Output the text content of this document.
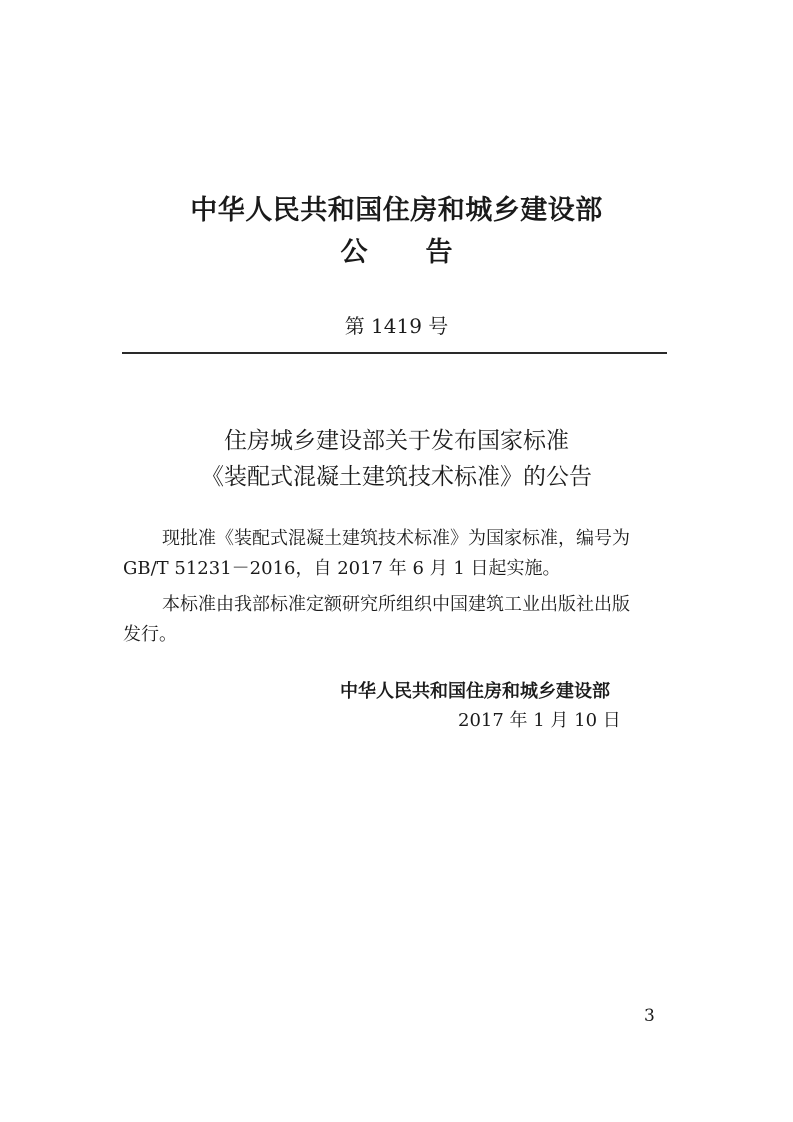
中华人民共和国住房和城乡建设部
公告
第 1419 号
住房城乡建设部关于发布国家标准
《装配式混凝土建筑技术标准》的公告
现批准《装配式混凝土建筑技术标准》为国家标准，编号为
GB/T 51231－2016，自 2017 年 6 月 1 日起实施。
本标准由我部标准定额研究所组织中国建筑工业出版社出版
发行。
中华人民共和国住房和城乡建设部
2017 年 1 月 10 日
3
